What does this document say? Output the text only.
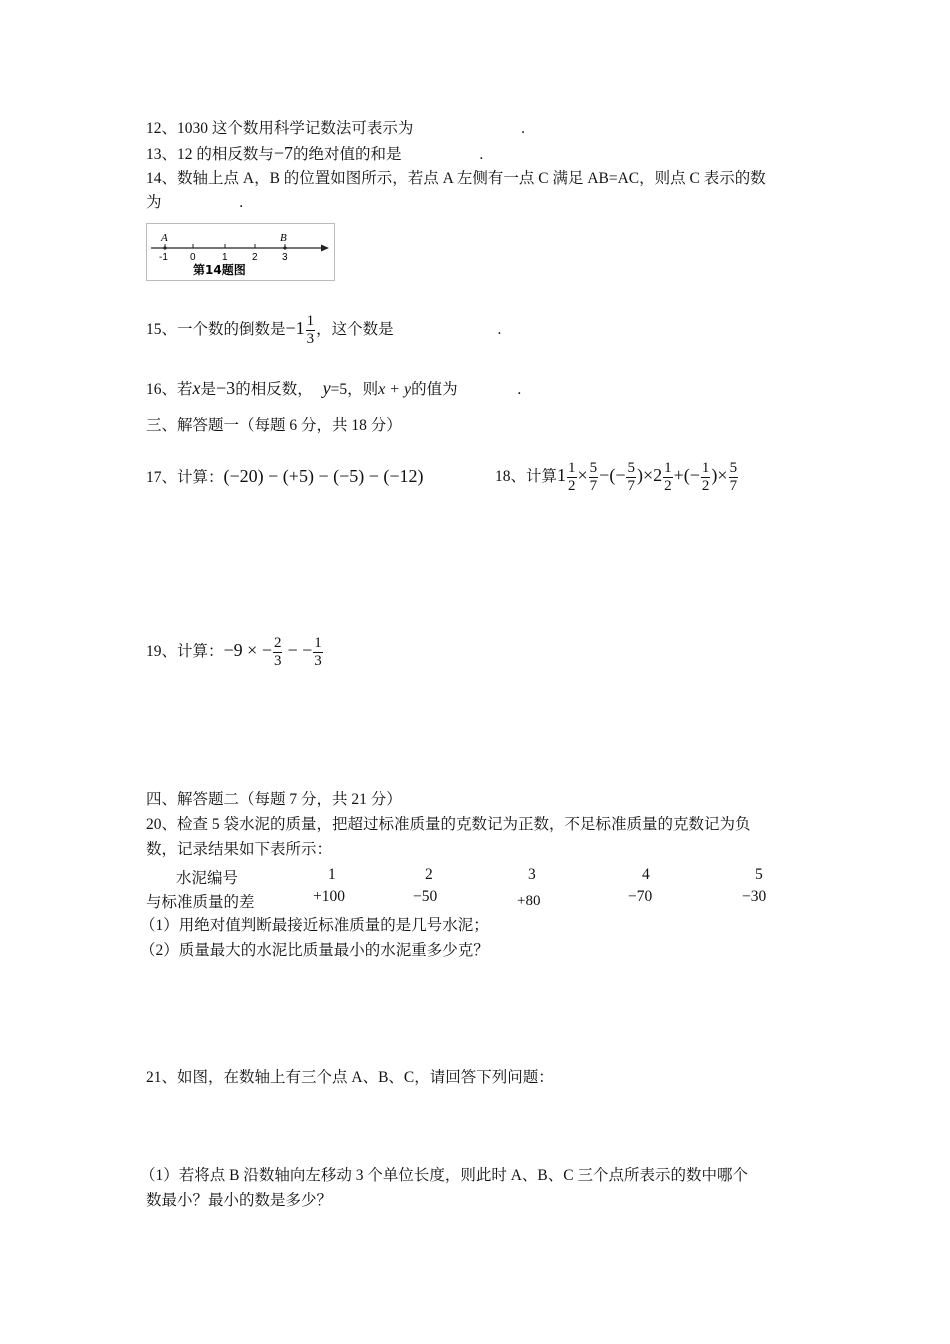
12、1030 这个数用科学记数法可表示为	.
13、12 的相反数与−7的绝对值的和是	.
14、数轴上点 A，B 的位置如图所示，若点 A 左侧有一点 C 满足 AB=AC，则点 C 表示的数
为	.
A	B
-1 0	1 2 3
第14题图
15、一个数的倒数是$-1 \frac{1}{3}$ ，这个数是	.
16、若x是−3的相反数， y=5，则x + y的值为	.
三、解答题一（每题 6 分，共 18 分）
17、计算：(−20) − (+5) − (−5) − (−12)	18、计算$1 \frac{1}{2} \times \frac{5}{7}$ −(− $\frac{5}{7} )\times 2 \frac{1}{2}$ +(− $\frac{1}{2}$ )× $\frac{5}{7}$
19、计算：−9 × − $\frac{2}{3}$ − − $\frac{1}{3}$
四、解答题二（每题 7 分，共 21 分）
20、检查 5 袋水泥的质量，把超过标准质量的克数记为正数，不足标准质量的克数记为负
数，记录结果如下表所示：
水泥编号	1	2	3	4	5
与标准质量的差	+100	−50	+80	−70	−30
（1）用绝对值判断最接近标准质量的是几号水泥；
（2）质量最大的水泥比质量最小的水泥重多少克？
21、如图，在数轴上有三个点 A、B、C，请回答下列问题：
（1）若将点 B 沿数轴向左移动 3 个单位长度，则此时 A、B、C 三个点所表示的数中哪个
数最小？最小的数是多少？
